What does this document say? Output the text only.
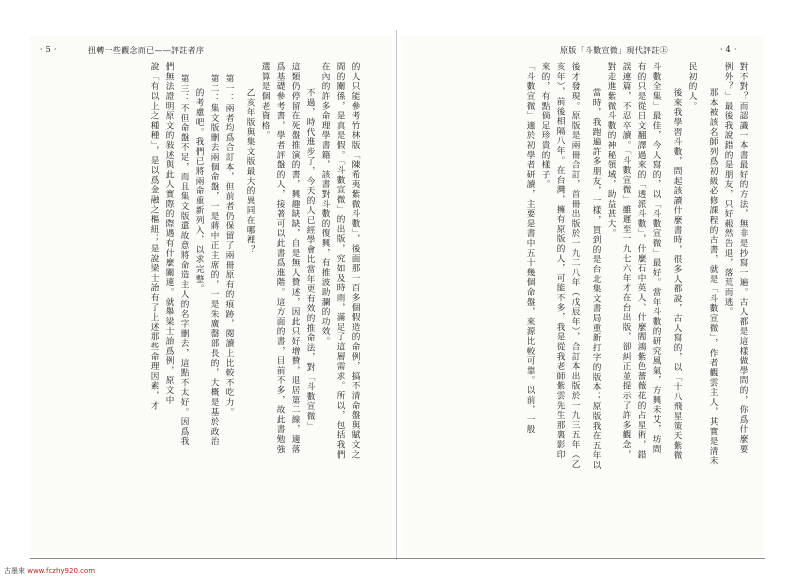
· 5 ·	扭轉一些觀念而已——評註者序	原版「斗數宣微」現代評註㊤	· 4 ·

的人只能參考竹林版「陳希夷紫微斗數」，後面那一百多個假造的命例，搞不清命盤與賦文之

間的關係，是真是假。「斗數宣微」的出版，究如及時雨，滿足了這層需求。所以，包括我們

在內的許多命理學書籍，該書對斗數的復興，有推波助瀾的功效。

不過，時代進步了，今天的人已經學會比當年更有效的推命法，對「斗數宣微」

這類仍停留在死盤推演的書，興趣缺缺，自是無人贊述，因此只好增贊，退居第二線，適落

爲基礎參考書，學者評盤的人，接著可以此書爲進階。這方面的書，目前不多，故此書勉強

選算是個老資格。

乙亥年版與集文版最大的異同在哪裡？

第一：兩者均爲合訂本，但前者仍保留了兩冊原有的痕跡，閱讀上比較不吃力。

第二：集文版刪去兩個命盤，一是蔣中正主席的，一是朱廣罄部長的，大概是基於政治

的考慮吧。我們已將兩命重新列入，以求完整。

第三：不但命盤不足，而且集文版還故意將命造主人的名字刪去，這點不太好。因爲我

們無法證明原文的敍述與此人實際的際遇有什麼關連。就舉梁士詒爲例，原文中

說「有以上之種種」，是以爲金融之樞紐；是說梁士詒有了上述那些命理因素，才	對不對？而認識一本書最好的方法，無非是抄寫一遍。古人都是這樣做學問的，你爲什麼要

例外？」最後我說錯的是朋友，只好赧然告退，落荒而逃。

那本被該名師列爲初級必修課程的古書，就是「斗數宣微」，作者觀雲主人，其實是清末

民初的人。

後來我學習斗數，問起該讀什麼書時，很多人都說，古人寫的，以「十八飛星策天紫微

斗數全集」最佳，今人寫的，以「斗數宣微」最好。當年斗數的研究風氣，方興未艾，坊間

有的只是從日文翻譯過來的「透派斗數」，什麼石中英人、什麼閻鴻紫色薔薇花的占星術，錯

誤連篇，不忍卒讀。「斗數宣微」雖遲至一九七六年才在台出版，卻糾正並提示了許多觀念，

對走進紫微斗數的神秘領域，助益甚大。

當時，我跑遍許多朋友，一樣，買到的是台北集文書局重新打字的版本；原版我在五年以

後才發現。原版是兩冊合訂，首冊出版於一九二八年（戊辰年），合訂本出版於一九三五年（乙

亥年），前後相隔八年。在台灣，擁有原版的人，可能不多，我是從我老師紫雲先生那裏影印

來的，有點倘足珍貴的樣子。

「斗數宣微」適於初學者研讀，主要是書中五十幾個命盤，來源比較可靠。以前，一般

古墨來 www.fczhy920.com
